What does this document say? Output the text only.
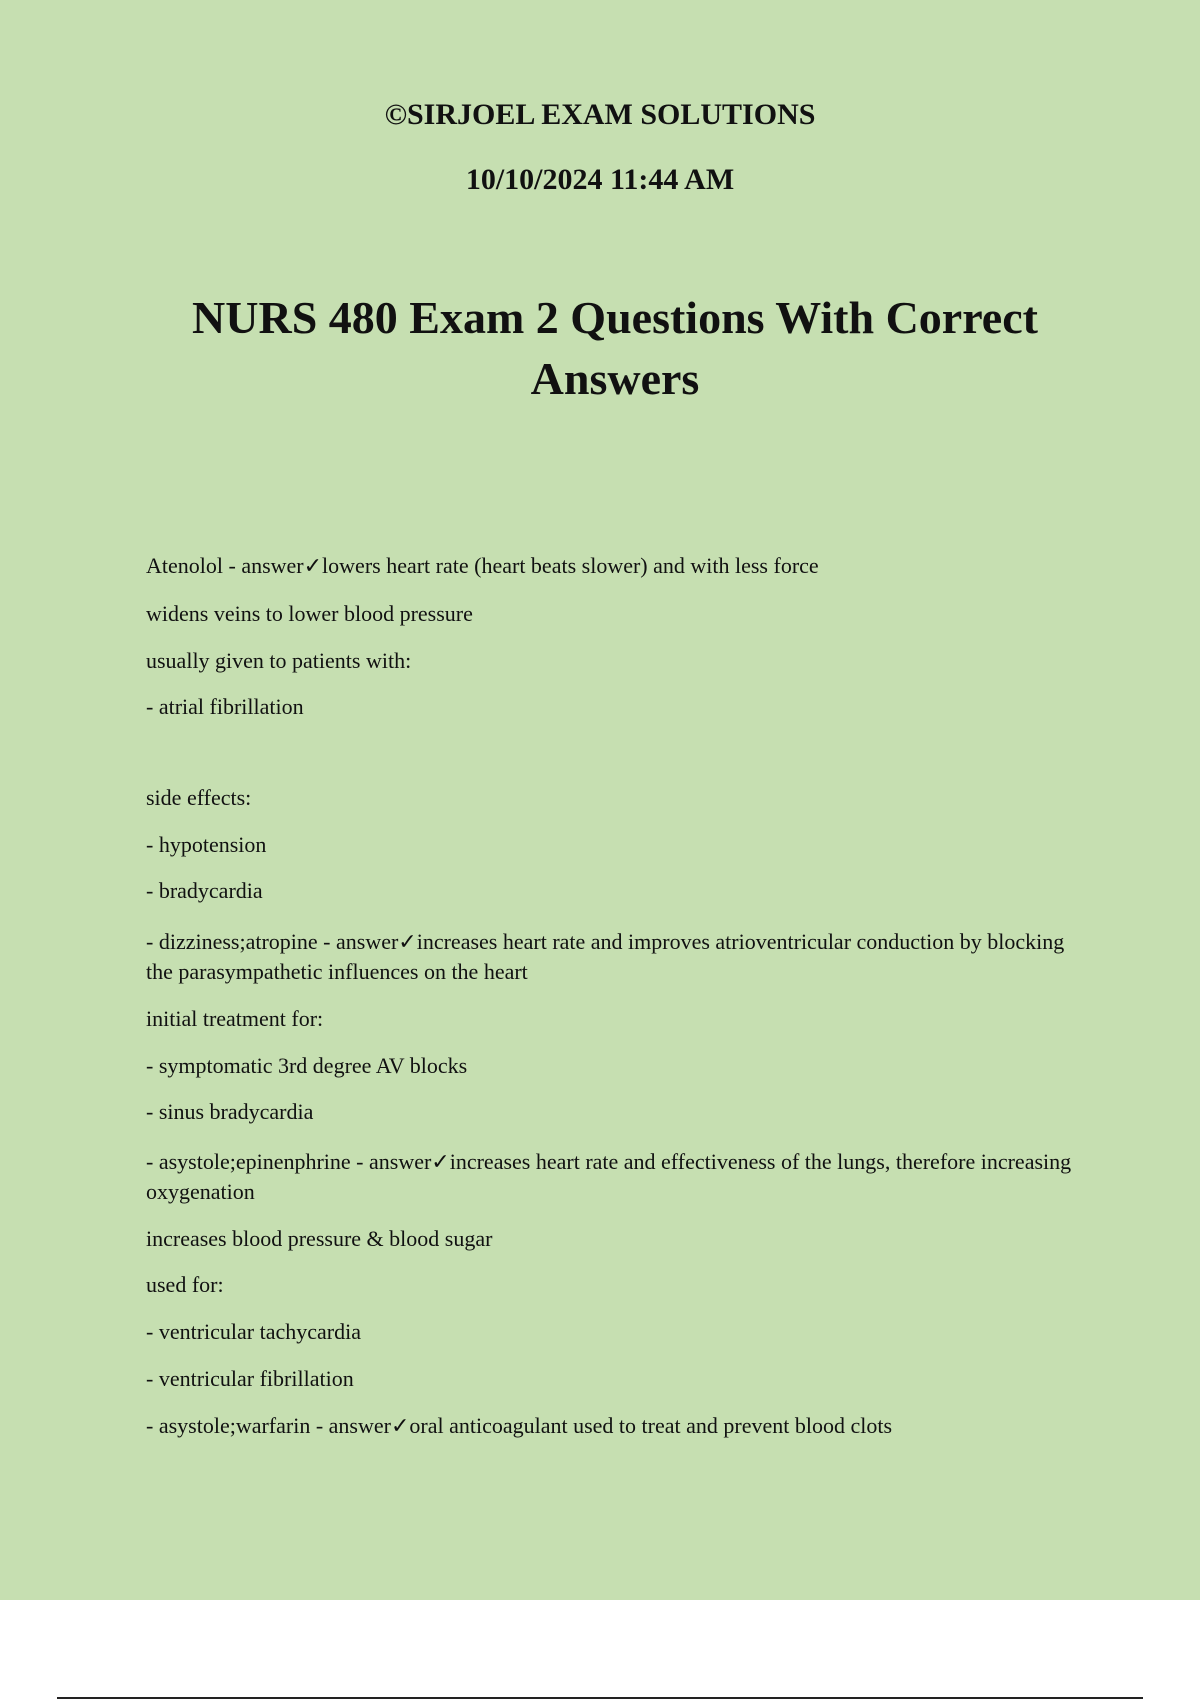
©SIRJOEL EXAM SOLUTIONS
10/10/2024 11:44 AM
NURS 480 Exam 2 Questions With Correct Answers
Atenolol - answer✓lowers heart rate (heart beats slower) and with less force
widens veins to lower blood pressure
usually given to patients with:
- atrial fibrillation
side effects:
- hypotension
- bradycardia
- dizziness;atropine - answer✓increases heart rate and improves atrioventricular conduction by blocking the parasympathetic influences on the heart
initial treatment for:
- symptomatic 3rd degree AV blocks
- sinus bradycardia
- asystole;epinenphrine - answer✓increases heart rate and effectiveness of the lungs, therefore increasing oxygenation
increases blood pressure & blood sugar
used for:
- ventricular tachycardia
- ventricular fibrillation
- asystole;warfarin - answer✓oral anticoagulant used to treat and prevent blood clots
